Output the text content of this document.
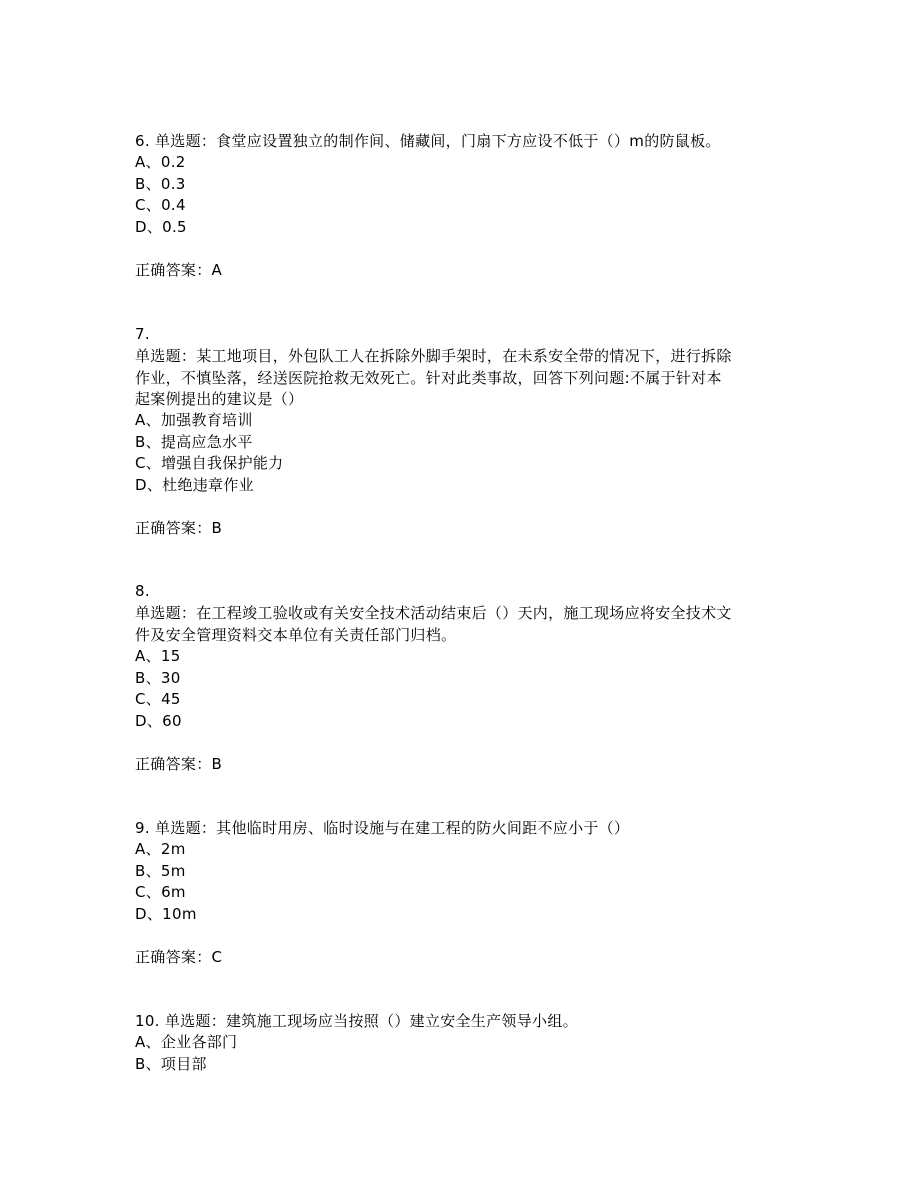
6. 单选题：食堂应设置独立的制作间、储藏间，门扇下方应设不低于（）m的防鼠板。
A、0.2
B、0.3
C、0.4
D、0.5
正确答案：A
7.
单选题：某工地项目，外包队工人在拆除外脚手架时，在未系安全带的情况下，进行拆除
作业，不慎坠落，经送医院抢救无效死亡。针对此类事故，回答下列问题:不属于针对本
起案例提出的建议是（）
A、加强教育培训
B、提高应急水平
C、增强自我保护能力
D、杜绝违章作业
正确答案：B
8.
单选题：在工程竣工验收或有关安全技术活动结束后（）天内，施工现场应将安全技术文
件及安全管理资料交本单位有关责任部门归档。
A、15
B、30
C、45
D、60
正确答案：B
9. 单选题：其他临时用房、临时设施与在建工程的防火间距不应小于（）
A、2m
B、5m
C、6m
D、10m
正确答案：C
10. 单选题：建筑施工现场应当按照（）建立安全生产领导小组。
A、企业各部门
B、项目部
